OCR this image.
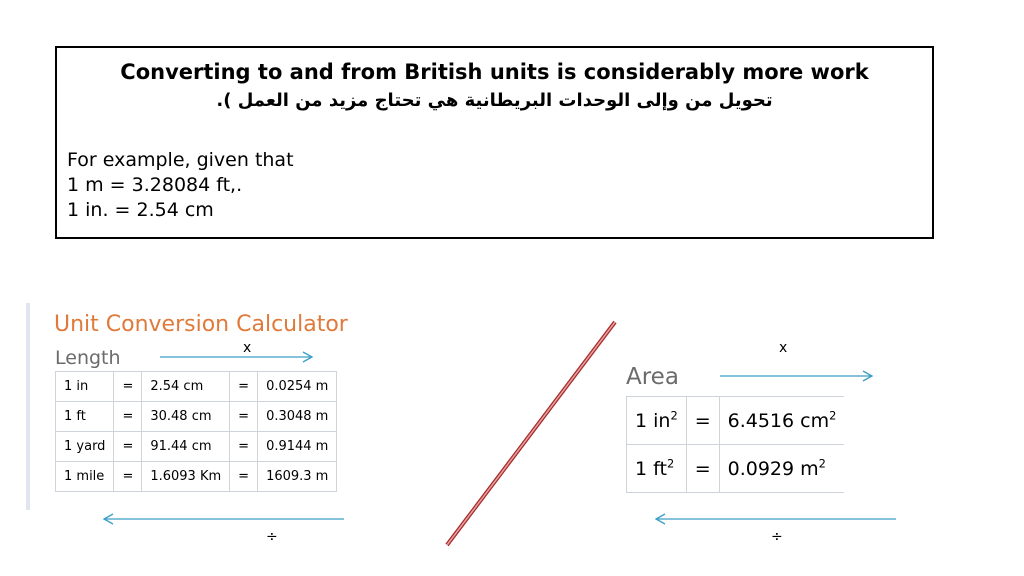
Converting to and from British units is considerably more work
تحويل من وإلى الوحدات البريطانية هي تحتاج مزيد من العمل ).
For example, given that
1 m = 3.28084 ft,.
1 in. = 2.54 cm
Unit Conversion Calculator
Length
1 in	=	2.54 cm	=	0.0254 m
1 ft	=	30.48 cm	=	0.3048 m
1 yard	=	91.44 cm	=	0.9144 m
1 mile	=	1.6093 Km	=	1609.3 m
Area
1 $in^2$	=	6.4516 $cm^2$
1 $ft^2$	=	0.0929 $m^2$
x	x
÷	÷
